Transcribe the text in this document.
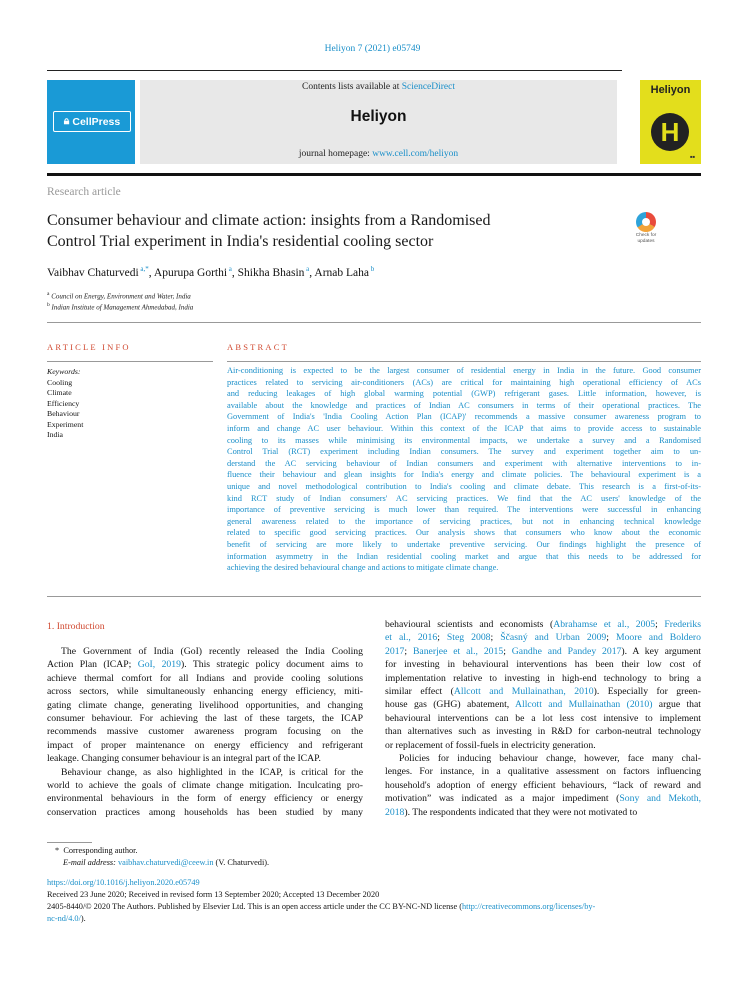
Heliyon 7 (2021) e05749
🔒︎ CellPress
Contents lists available at ScienceDirect
Heliyon
journal homepage: www.cell.com/heliyon
Heliyon
H
■■
Research article
Consumer behaviour and climate action: insights from a Randomised
Control Trial experiment in India's residential cooling sector	Check for updates
Vaibhav Chaturvedi $^{a,*}$, Apurupa Gorthi $^a$, Shikha Bhasin $^a$, Arnab Laha $^b$
$^a$ Council on Energy, Environment and Water, India
$^b$ Indian Institute of Management Ahmedabad, India
ARTICLE INFO
Keywords:
Cooling
Climate
Efficiency
Behaviour
Experiment
India
ABSTRACT
Air-conditioning is expected to be the largest consumer of residential energy in India in the future. Good consumer
practices related to servicing air-conditioners (ACs) are critical for maintaining high operational efficiency of ACs
and reducing leakages of high global warming potential (GWP) refrigerant gases. Little information, however, is
available about the knowledge and practices of Indian AC consumers in terms of their operational practices. The
Government of India's 'India Cooling Action Plan (ICAP)' recommends a massive consumer awareness program to
inform and change AC user behaviour. Within this context of the ICAP that aims to provide access to sustainable
cooling to its masses while minimising its environmental impacts, we undertake a survey and a Randomised
Control Trial (RCT) experiment including Indian consumers. The survey and experiment together aim to un-
derstand the AC servicing behaviour of Indian consumers and experiment with alternative interventions to in-
fluence their behaviour and glean insights for India's energy and climate policies. The behavioural experiment is a
unique and novel methodological contribution to India's cooling and climate debate. This research is a first-of-its-
kind RCT study of Indian consumers' AC servicing practices. We find that the AC users' knowledge of the
importance of preventive servicing is much lower than required. The interventions were successful in enhancing
general awareness related to the importance of servicing practices, but not in enhancing technical knowledge
related to specific good servicing practices. Our analysis shows that consumers who know about the economic
benefit of servicing are more likely to undertake preventive servicing. Our findings highlight the presence of
information asymmetry in the Indian residential cooling market and argue that this needs to be addressed for
achieving the desired behavioural change and actions to mitigate climate change.
1. Introduction
The Government of India (GoI) recently released the India Cooling
Action Plan (ICAP; GoI, 2019). This strategic policy document aims to
achieve thermal comfort for all Indians and provide cooling solutions
across sectors, while simultaneously enhancing energy efficiency, miti-
gating climate change, generating livelihood opportunities, and changing
consumer behaviour. For achieving the last of these targets, the ICAP
recommends massive customer awareness program focusing on the
impact of proper maintenance on energy efficiency and refrigerant
leakage. Changing consumer behaviour is an integral part of the ICAP.
Behaviour change, as also highlighted in the ICAP, is critical for the
world to achieve the goals of climate change mitigation. Inculcating pro-
environmental behaviours in the form of energy efficiency or energy
conservation practices among households has been studied by many
behavioural scientists and economists (Abrahamse et al., 2005; Frederiks
et al., 2016; Steg 2008; Ščasný and Urban 2009; Moore and Boldero
2017; Banerjee et al., 2015; Gandhe and Pandey 2017). A key argument
for investing in behavioural interventions has been their low cost of
implementation relative to investing in high-end technology to bring a
similar effect (Allcott and Mullainathan, 2010). Especially for green-
house gas (GHG) abatement, Allcott and Mullainathan (2010) argue that
behavioural interventions can be a lot less cost intensive to implement
than alternatives such as investing in R&D for carbon-neutral technology
or replacement of fossil-fuels in electricity generation.
Policies for inducing behaviour change, however, face many chal-
lenges. For instance, in a qualitative assessment on factors influencing
household's adoption of energy efficient behaviours, “lack of reward and
motivation” was indicated as a major impediment (Sony and Mekoth,
2018). The respondents indicated that they were not motivated to
* Corresponding author.
E-mail address: vaibhav.chaturvedi@ceew.in (V. Chaturvedi).
https://doi.org/10.1016/j.heliyon.2020.e05749
Received 23 June 2020; Received in revised form 13 September 2020; Accepted 13 December 2020
2405-8440/© 2020 The Authors. Published by Elsevier Ltd. This is an open access article under the CC BY-NC-ND license (http://creativecommons.org/licenses/by-
nc-nd/4.0/).
